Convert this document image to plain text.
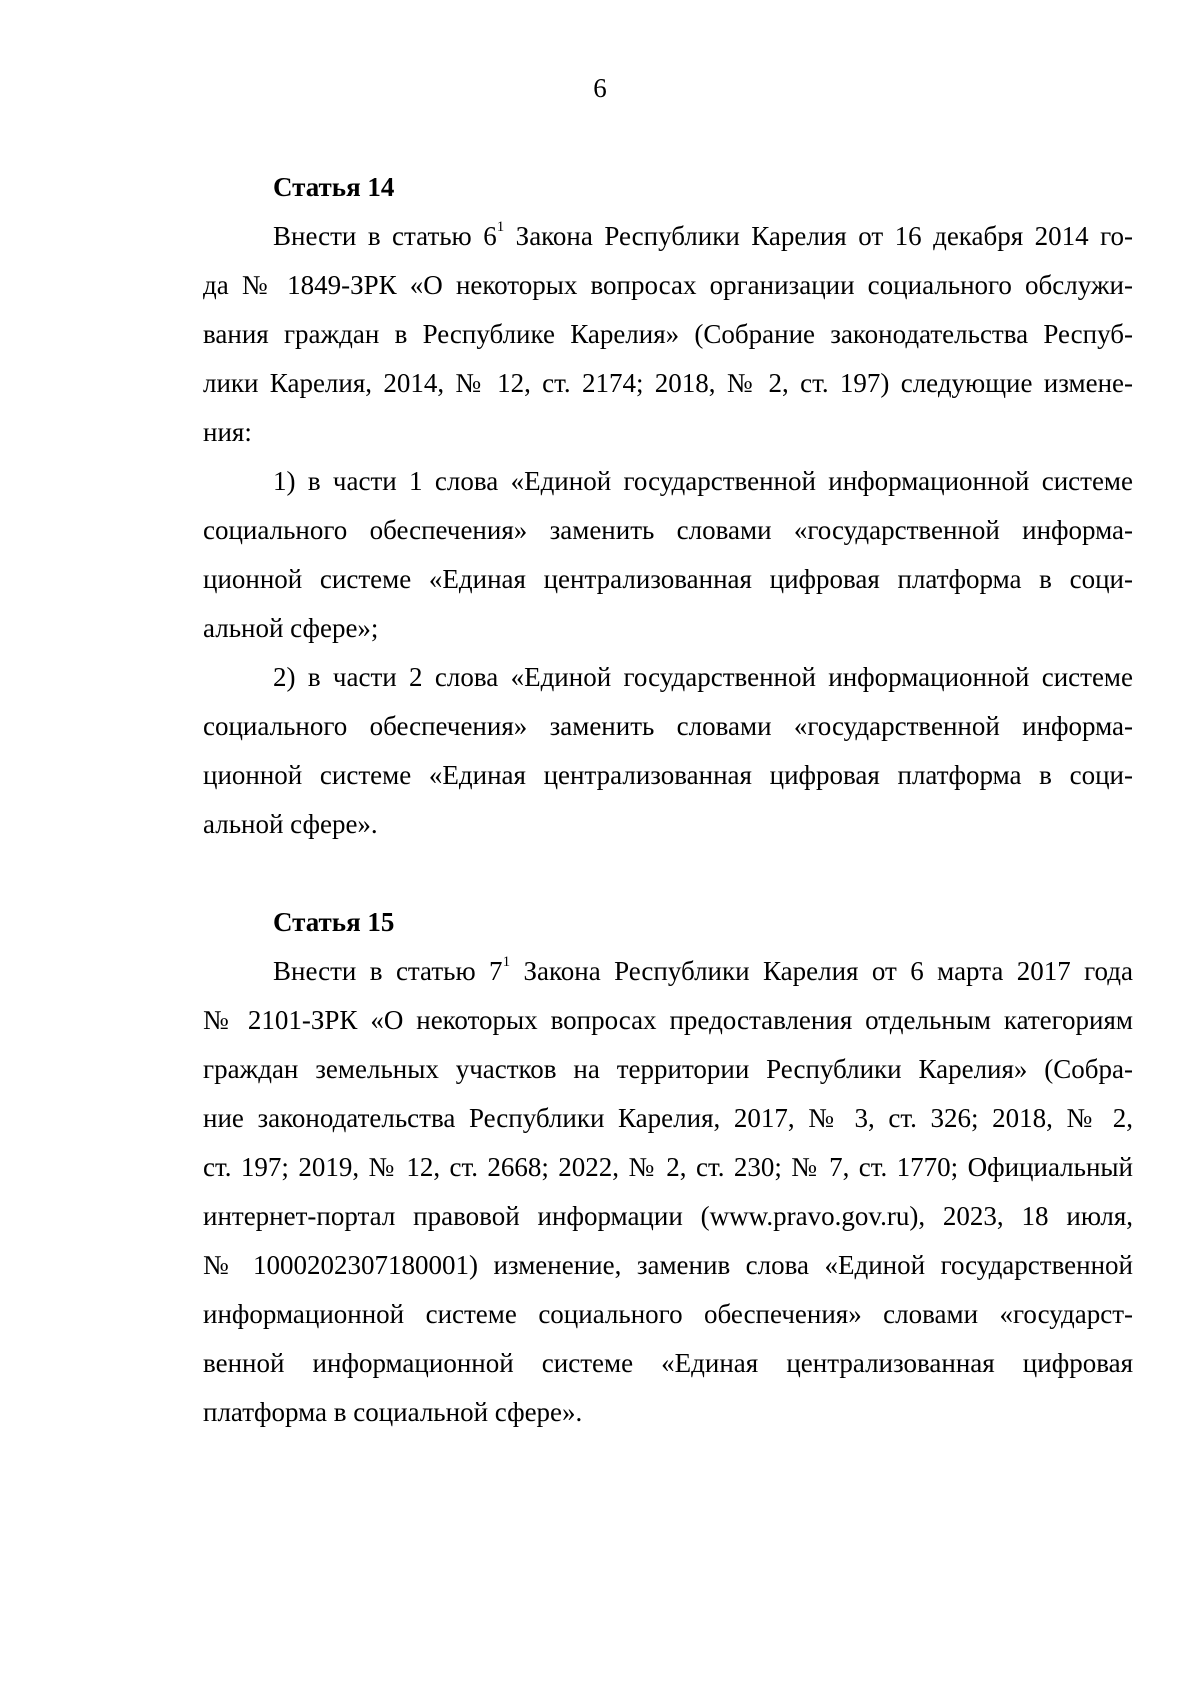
6
Статья 14
Внести в статью $6^1$ Закона Республики Карелия от 16 декабря 2014 го-
да № 1849-ЗРК «О некоторых вопросах организации социального обслужи-
вания граждан в Республике Карелия» (Собрание законодательства Респуб-
лики Карелия, 2014, № 12, ст. 2174; 2018, № 2, ст. 197) следующие измене-
ния:
1) в части 1 слова «Единой государственной информационной системе
социального обеспечения» заменить словами «государственной информа-
ционной системе «Единая централизованная цифровая платформа в соци-
альной сфере»;
2) в части 2 слова «Единой государственной информационной системе
социального обеспечения» заменить словами «государственной информа-
ционной системе «Единая централизованная цифровая платформа в соци-
альной сфере».
Статья 15
Внести в статью $7^1$ Закона Республики Карелия от 6 марта 2017 года
№ 2101-ЗРК «О некоторых вопросах предоставления отдельным категориям
граждан земельных участков на территории Республики Карелия» (Собра-
ние законодательства Республики Карелия, 2017, № 3, ст. 326; 2018, № 2,
ст. 197; 2019, № 12, ст. 2668; 2022, № 2, ст. 230; № 7, ст. 1770; Официальный
интернет-портал правовой информации (www.pravo.gov.ru), 2023, 18 июля,
№ 1000202307180001) изменение, заменив слова «Единой государственной
информационной системе социального обеспечения» словами «государст-
венной информационной системе «Единая централизованная цифровая
платформа в социальной сфере».
